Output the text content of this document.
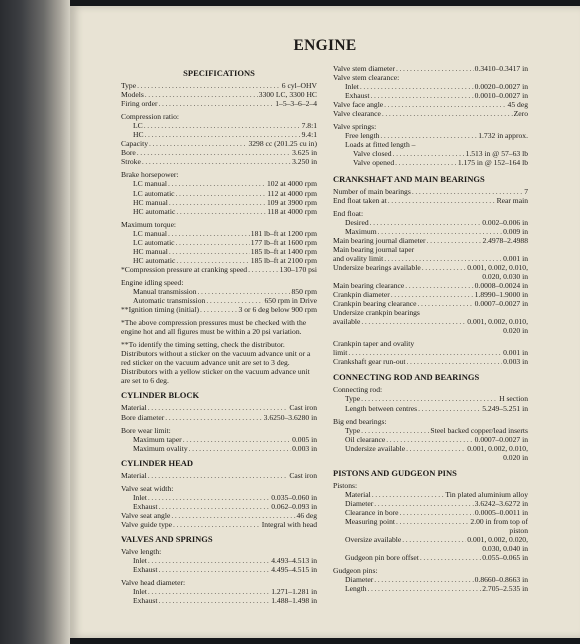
ENGINE
SPECIFICATIONS
Type .....	6 cyl–OHV
Models .....	3300 LC, 3300 HC
Firing order .....	1–5–3–6–2–4
Compression ratio:
LC .....	7.8:1
HC .....	9.4:1
Capacity .....	3298 cc (201.25 cu in)
Bore .....	3.625 in
Stroke .....	3.250 in
Brake horsepower:
LC manual .....	102 at 4000 rpm
LC automatic .....	112 at 4000 rpm
HC manual .....	109 at 3900 rpm
HC automatic .....	118 at 4000 rpm
Maximum torque:
LC manual .....	181 lb–ft at 1200 rpm
LC automatic .....	177 lb–ft at 1600 rpm
HC manual .....	185 lb–ft at 1400 rpm
HC automatic .....	185 lb–ft at 2100 rpm
*Compression pressure at cranking speed .....	130–170 psi
Engine idling speed:
Manual transmission .....	850 rpm
Automatic transmission .....	650 rpm in Drive
**Ignition timing (initial) .....	3 or 6 deg below 900 rpm
*The above compression pressures must be checked with the engine hot and all figures must be within a 20 psi variation.
**To identify the timing setting, check the distributor. Distributors without a sticker on the vacuum advance unit or a red sticker on the vacuum advance unit are set to 3 deg. Distributors with a yellow sticker on the vacuum advance unit are set to 6 deg.
CYLINDER BLOCK
Material .....	Cast iron
Bore diameter .....	3.6250–3.6280 in
Bore wear limit:
Maximum taper .....	0.005 in
Maximum ovality .....	0.003 in
CYLINDER HEAD
Material .....	Cast iron
Valve seat width:
Inlet .....	0.035–0.060 in
Exhaust .....	0.062–0.093 in
Valve seat angle .....	46 deg
Valve guide type .....	Integral with head
VALVES AND SPRINGS
Valve length:
Inlet .....	4.493–4.513 in
Exhaust .....	4.495–4.515 in
Valve head diameter:
Inlet .....	1.271–1.281 in
Exhaust .....	1.488–1.498 in
Valve stem diameter .....	0.3410–0.3417 in
Valve stem clearance:
Inlet .....	0.0020–0.0027 in
Exhaust .....	0.0010–0.0027 in
Valve face angle .....	45 deg
Valve clearance .....	Zero
Valve springs:
Free length .....	1.732 in approx.
Loads at fitted length –
Valve closed .....	1.513 in @ 57–63 lb
Valve opened .....	1.175 in @ 152–164 lb
CRANKSHAFT AND MAIN BEARINGS
Number of main bearings .....	7
End float taken at .....	Rear main
End float:
Desired .....	0.002–0.006 in
Maximum .....	0.009 in
Main bearing journal diameter .....	2.4978–2.4988
Main bearing journal taper
and ovality limit .....	0.001 in
Undersize bearings available .....	0.001, 0.002, 0.010,
0.020, 0.030 in
Main bearing clearance .....	0.0008–0.0024 in
Crankpin diameter .....	1.8990–1.9000 in
Crankpin bearing clearance .....	0.0007–0.0027 in
Undersize crankpin bearings
available .....	0.001, 0.002, 0.010,
0.020 in
Crankpin taper and ovality
limit .....	0.001 in
Crankshaft gear run-out .....	0.003 in
CONNECTING ROD AND BEARINGS
Connecting rod:
Type .....	H section
Length between centres .....	5.249–5.251 in
Big end bearings:
Type .....	Steel backed copper/lead inserts
Oil clearance .....	0.0007–0.0027 in
Undersize available .....	0.001, 0.002, 0.010,
0.020 in
PISTONS AND GUDGEON PINS
Pistons:
Material .....	Tin plated aluminium alloy
Diameter .....	3.6242–3.6272 in
Clearance in bore .....	0.0005–0.0011 in
Measuring point .....	2.00 in from top of
piston
Oversize available .....	0.001, 0.002, 0.020,
0.030, 0.040 in
Gudgeon pin bore offset .....	0.055–0.065 in
Gudgeon pins:
Diameter .....	0.8660–0.8663 in
Length .....	2.705–2.535 in
